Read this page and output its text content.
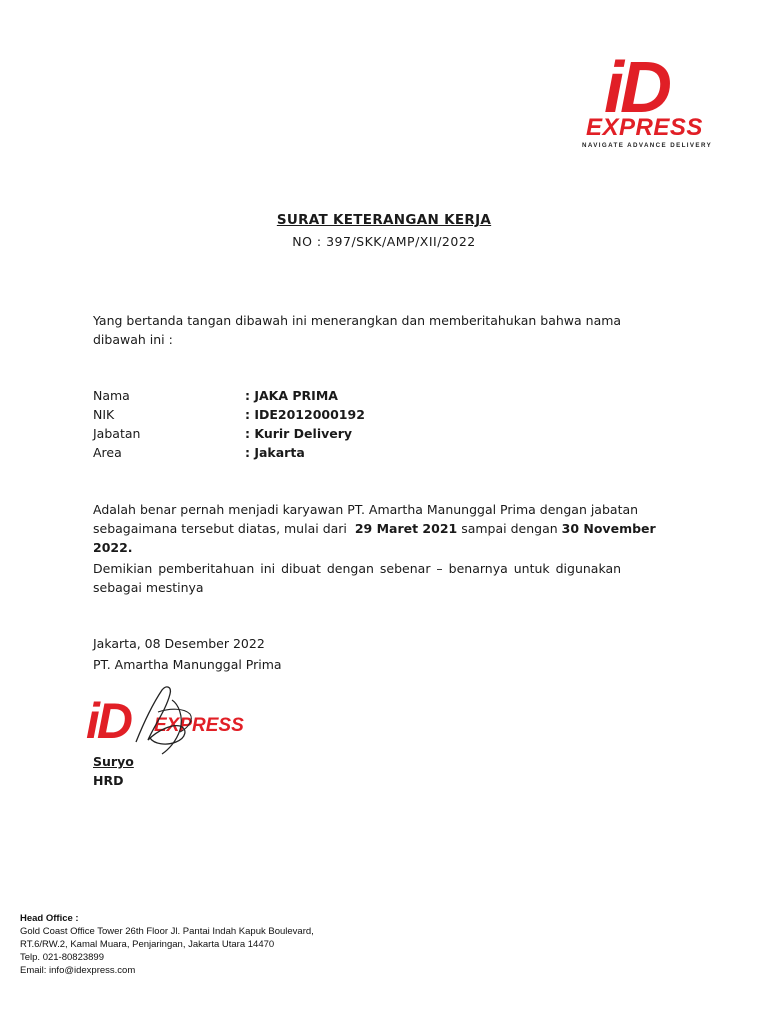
iD
EXPRESS
NAVIGATE ADVANCE DELIVERY
SURAT KETERANGAN KERJA
NO : 397/SKK/AMP/XII/2022
Yang bertanda tangan dibawah ini menerangkan dan memberitahukan bahwa nama
dibawah ini :
Nama	: JAKA PRIMA
NIK	: IDE2012000192
Jabatan	: Kurir Delivery
Area	: Jakarta
Adalah benar pernah menjadi karyawan PT. Amartha Manunggal Prima dengan jabatan
sebagaimana tersebut diatas, mulai dari  29 Maret 2021 sampai dengan 30 November 2022.
Demikian pemberitahuan ini dibuat dengan sebenar – benarnya untuk digunakan
sebagai mestinya
Jakarta, 08 Desember 2022
PT. Amartha Manunggal Prima
iD EXPRESS
Suryo
HRD
Head Office :
Gold Coast Office Tower 26th Floor Jl. Pantai Indah Kapuk Boulevard,
RT.6/RW.2, Kamal Muara, Penjaringan, Jakarta Utara 14470
Telp. 021-80823899
Email: info@idexpress.com
